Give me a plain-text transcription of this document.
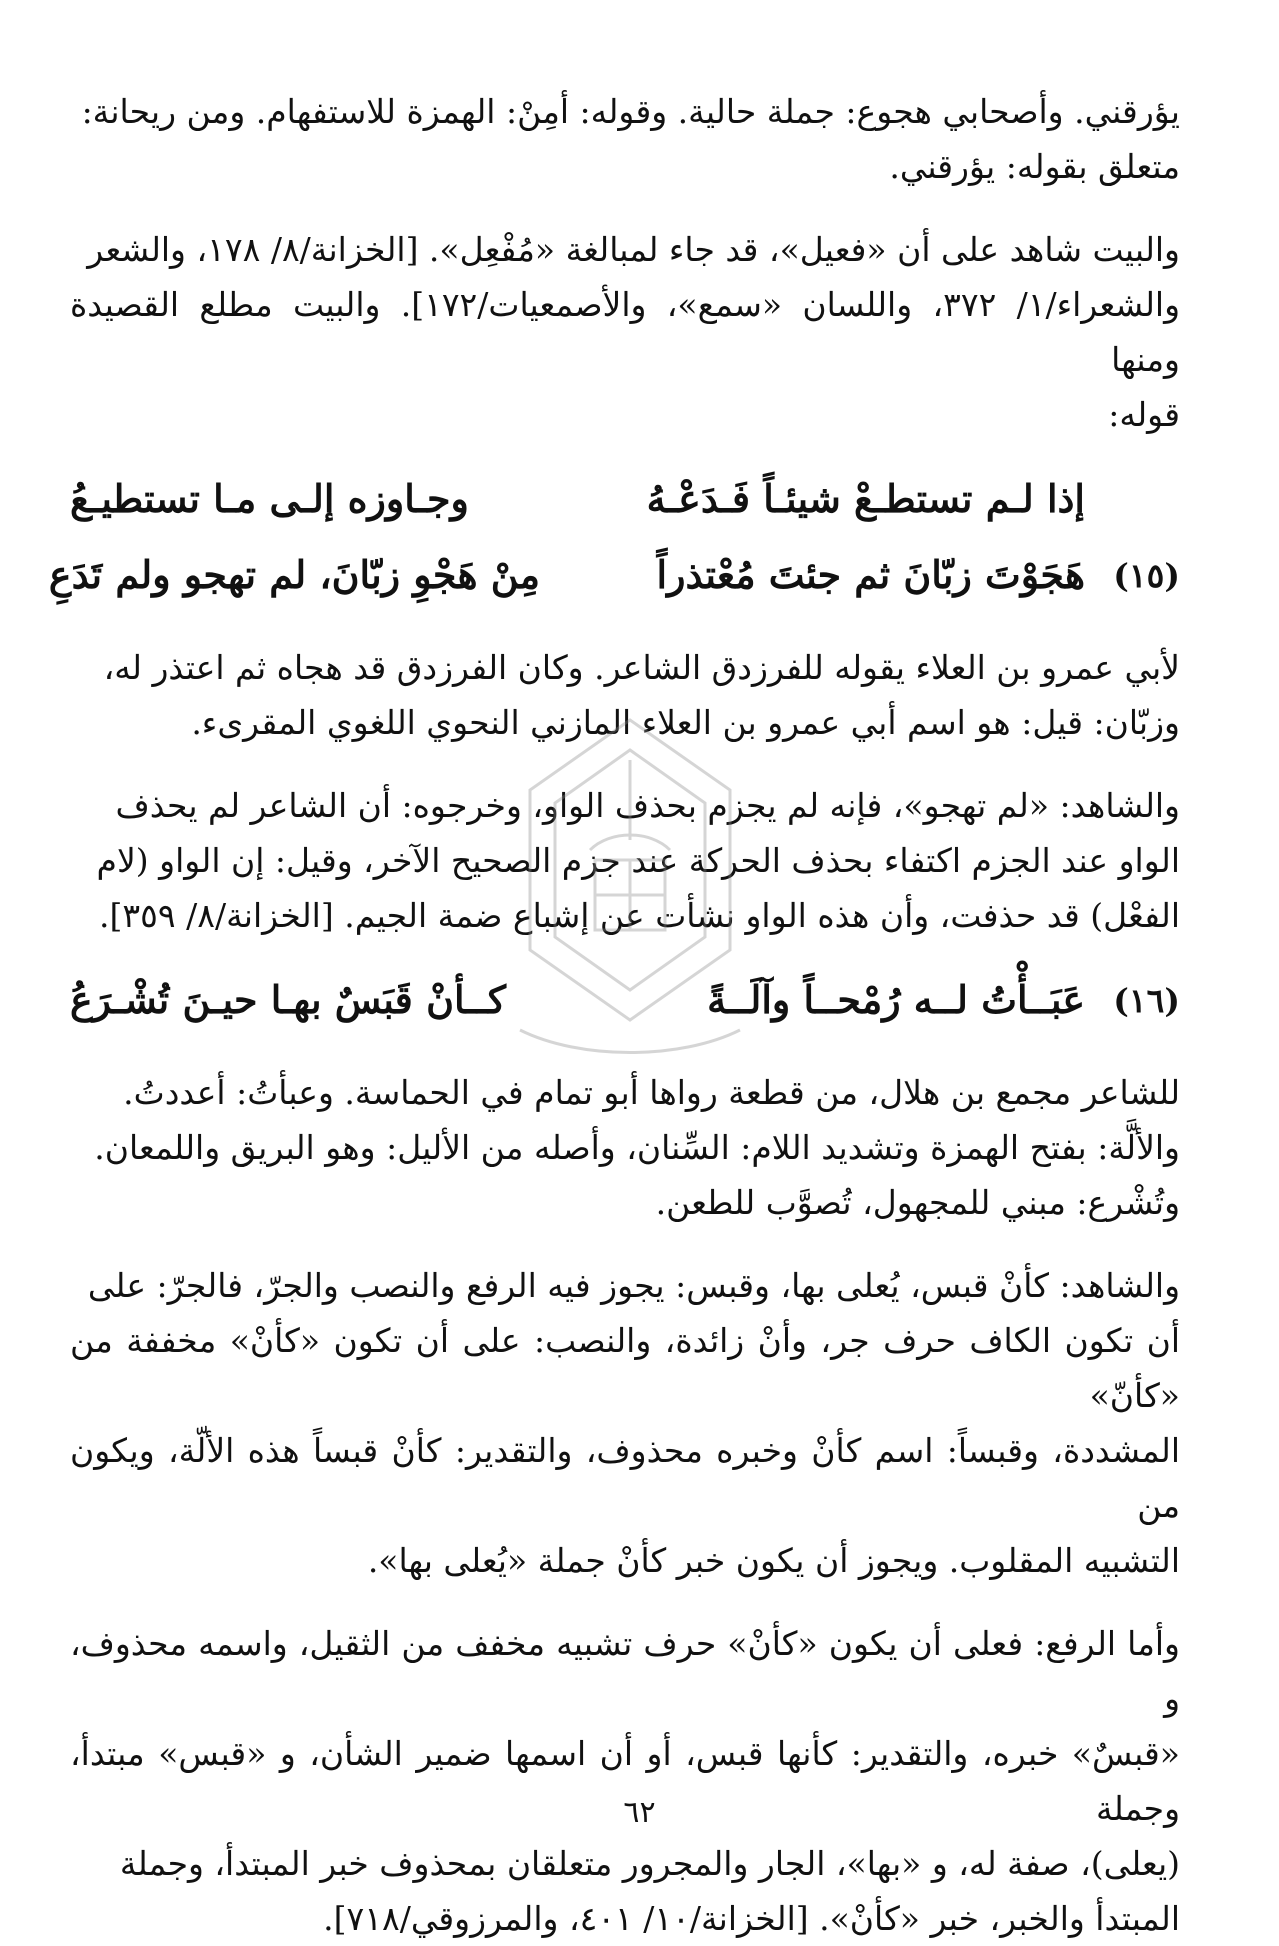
يؤرقني. وأصحابي هجوع: جملة حالية. وقوله: أمِنْ: الهمزة للاستفهام. ومن ريحانة:
متعلق بقوله: يؤرقني.
والبيت شاهد على أن «فعيل»، قد جاء لمبالغة «مُفْعِل». [الخزانة/٨/ ١٧٨، والشعر
والشعراء/١/ ٣٧٢، واللسان «سمع»، والأصمعيات/١٧٢]. والبيت مطلع القصيدة ومنها
قوله:
إذا لـم تستطـعْ شيئـاً فَـدَعْـهُ
وجـاوزه إلـى مـا تستطيـعُ
(١٥)
هَجَوْتَ زبّانَ ثم جئتَ مُعْتذراً
مِنْ هَجْوِ زبّانَ، لم تهجو ولم تَدَعِ
لأبي عمرو بن العلاء يقوله للفرزدق الشاعر. وكان الفرزدق قد هجاه ثم اعتذر له،
وزبّان: قيل: هو اسم أبي عمرو بن العلاء المازني النحوي اللغوي المقرىء.
والشاهد: «لم تهجو»، فإنه لم يجزم بحذف الواو، وخرجوه: أن الشاعر لم يحذف
الواو عند الجزم اكتفاء بحذف الحركة عند جزم الصحيح الآخر، وقيل: إن الواو (لام
الفعْل) قد حذفت، وأن هذه الواو نشأت عن إشباع ضمة الجيم. [الخزانة/٨/ ٣٥٩].
(١٦)
عَبَــأْتُ لــه رُمْحــاً وآلَــةً
كــأنْ قَبَسٌ بهـا حيـنَ تُشْـرَعُ
للشاعر مجمع بن هلال، من قطعة رواها أبو تمام في الحماسة. وعبأتُ: أعددتُ.
والألَّة: بفتح الهمزة وتشديد اللام: السِّنان، وأصله من الأليل: وهو البريق واللمعان.
وتُشْرع: مبني للمجهول، تُصوَّب للطعن.
والشاهد: كأنْ قبس، يُعلى بها، وقبس: يجوز فيه الرفع والنصب والجرّ، فالجرّ: على
أن تكون الكاف حرف جر، وأنْ زائدة، والنصب: على أن تكون «كأنْ» مخففة من «كأنّ»
المشددة، وقبساً: اسم كأنْ وخبره محذوف، والتقدير: كأنْ قبساً هذه الألّة، ويكون من
التشبيه المقلوب. ويجوز أن يكون خبر كأنْ جملة «يُعلى بها».
وأما الرفع: فعلى أن يكون «كأنْ» حرف تشبيه مخفف من الثقيل، واسمه محذوف، و
«قبسٌ» خبره، والتقدير: كأنها قبس، أو أن اسمها ضمير الشأن، و «قبس» مبتدأ، وجملة
(يعلى)، صفة له، و «بها»، الجار والمجرور متعلقان بمحذوف خبر المبتدأ، وجملة
المبتدأ والخبر، خبر «كأنْ». [الخزانة/١٠/ ٤٠١، والمرزوقي/٧١٨].
٦٢
